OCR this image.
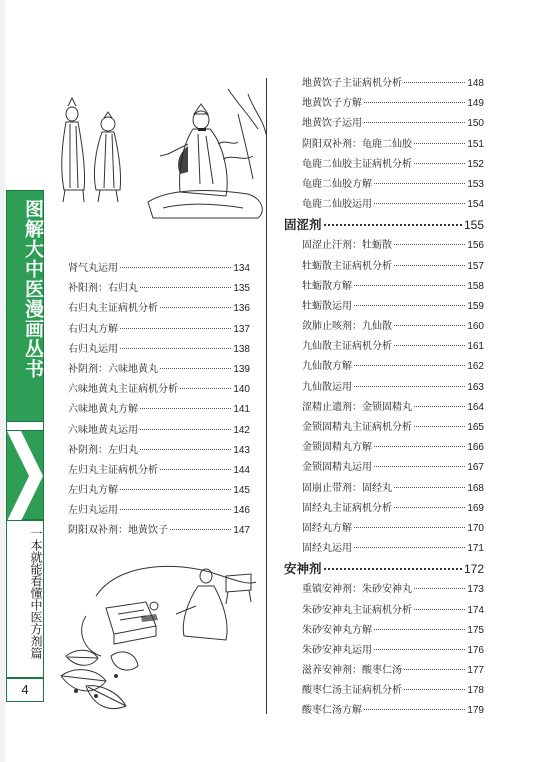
图解大中医漫画丛书
一本就能看懂中医方剂篇
4
肾气丸运用	134
补阳剂：右归丸	135
右归丸主证病机分析	136
右归丸方解	137
右归丸运用	138
补阴剂：六味地黄丸	139
六味地黄丸主证病机分析	140
六味地黄丸方解	141
六味地黄丸运用	142
补阴剂：左归丸	143
左归丸主证病机分析	144
左归丸方解	145
左归丸运用	146
阴阳双补剂：地黄饮子	147
地黄饮子主证病机分析	148
地黄饮子方解	149
地黄饮子运用	150
阴阳双补剂：龟鹿二仙胶	151
龟鹿二仙胶主证病机分析	152
龟鹿二仙胶方解	153
龟鹿二仙胶运用	154
固涩剂	155
固涩止汗剂：牡蛎散	156
牡蛎散主证病机分析	157
牡蛎散方解	158
牡蛎散运用	159
敛肺止咳剂：九仙散	160
九仙散主证病机分析	161
九仙散方解	162
九仙散运用	163
涩精止遗剂：金锁固精丸	164
金锁固精丸主证病机分析	165
金锁固精丸方解	166
金锁固精丸运用	167
固崩止带剂：固经丸	168
固经丸主证病机分析	169
固经丸方解	170
固经丸运用	171
安神剂	172
重镇安神剂：朱砂安神丸	173
朱砂安神丸主证病机分析	174
朱砂安神丸方解	175
朱砂安神丸运用	176
滋养安神剂：酸枣仁汤	177
酸枣仁汤主证病机分析	178
酸枣仁汤方解	179
